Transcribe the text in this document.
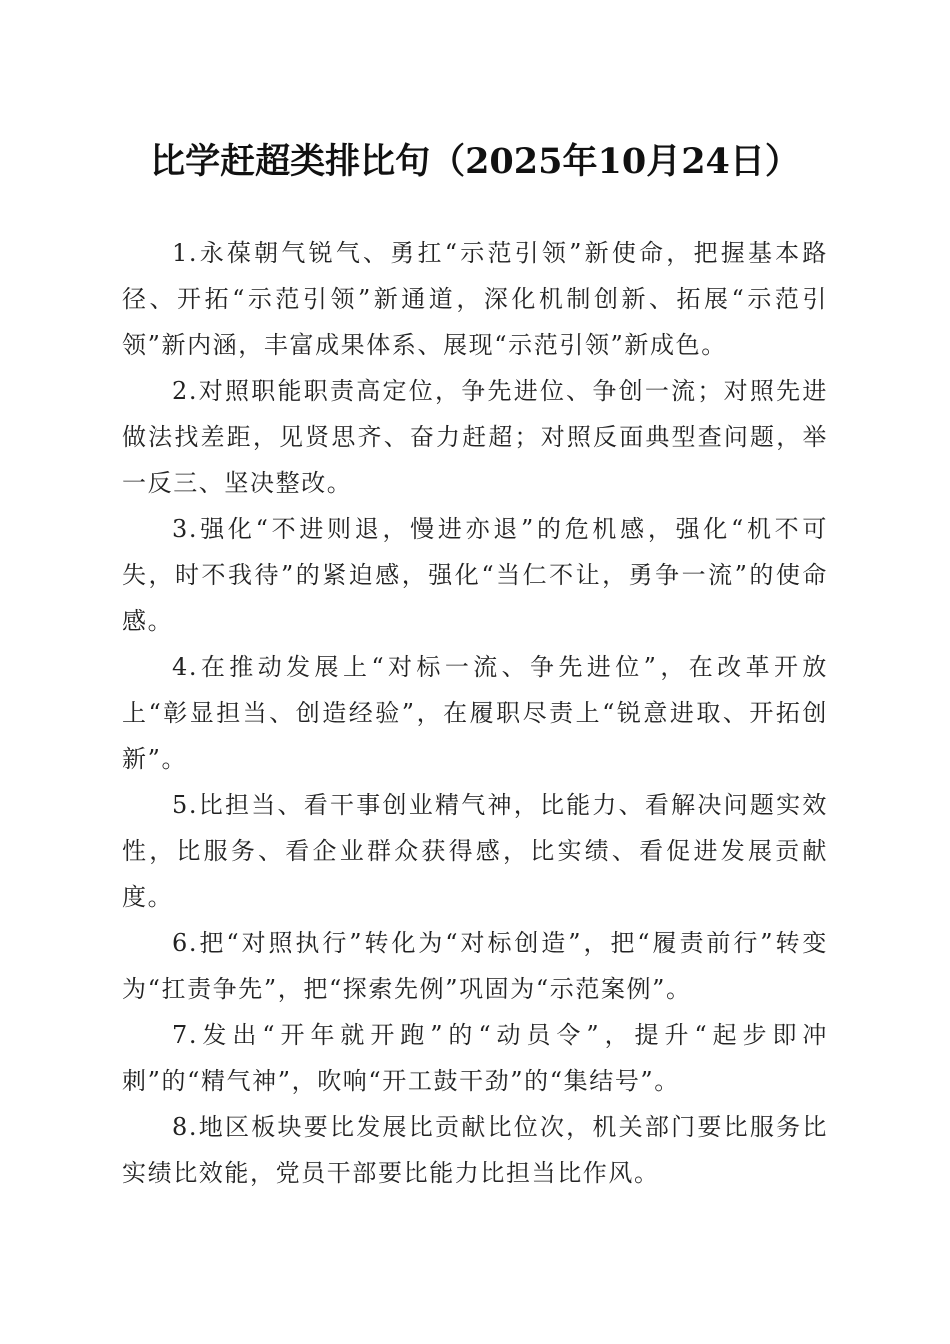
比学赶超类排比句（2025年10月24日）

1.永葆朝气锐气、勇扛“示范引领”新使命，把握基本路径、开拓“示范引领”新通道，深化机制创新、拓展“示范引领”新内涵，丰富成果体系、展现“示范引领”新成色。

2.对照职能职责高定位，争先进位、争创一流；对照先进做法找差距，见贤思齐、奋力赶超；对照反面典型查问题，举一反三、坚决整改。

3.强化“不进则退，慢进亦退”的危机感，强化“机不可失，时不我待”的紧迫感，强化“当仁不让，勇争一流”的使命感。

4.在推动发展上“对标一流、争先进位”，在改革开放上“彰显担当、创造经验”，在履职尽责上“锐意进取、开拓创新”。

5.比担当、看干事创业精气神，比能力、看解决问题实效性，比服务、看企业群众获得感，比实绩、看促进发展贡献度。

6.把“对照执行”转化为“对标创造”，把“履责前行”转变为“扛责争先”，把“探索先例”巩固为“示范案例”。

7.发出“开年就开跑”的“动员令”，提升“起步即冲刺”的“精气神”，吹响“开工鼓干劲”的“集结号”。

8.地区板块要比发展比贡献比位次，机关部门要比服务比实绩比效能，党员干部要比能力比担当比作风。
